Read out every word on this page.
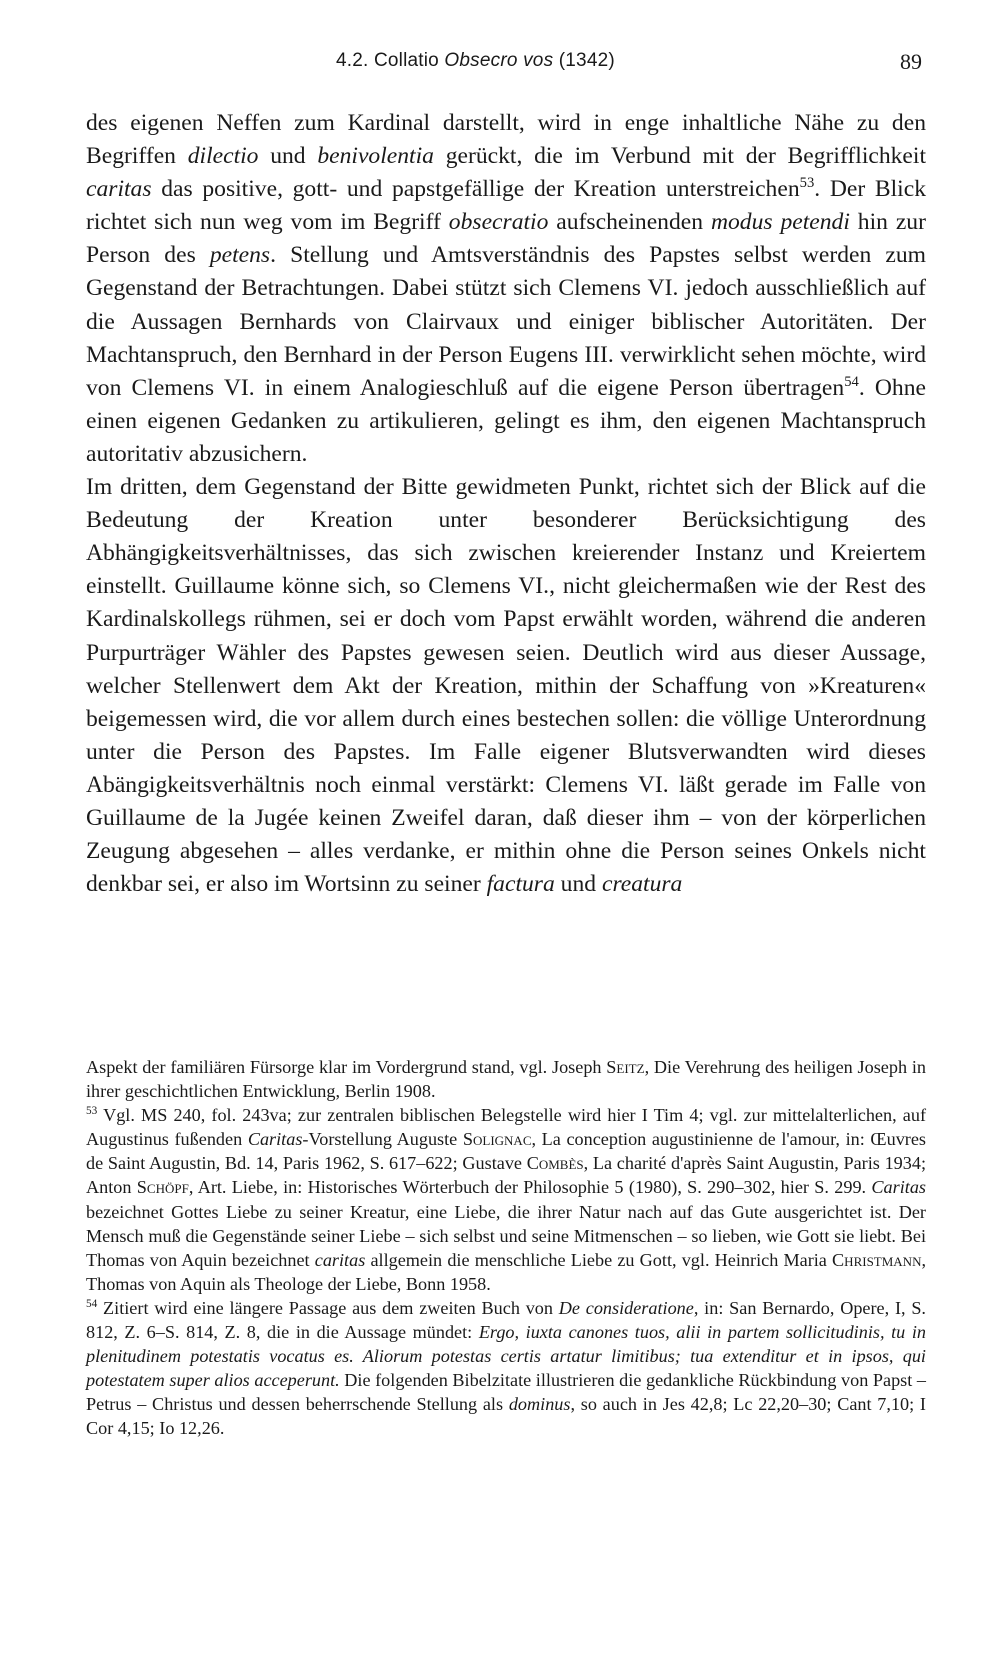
4.2. Collatio Obsecro vos (1342)	89

des eigenen Neffen zum Kardinal darstellt, wird in enge inhaltliche Nähe zu den Begriffen dilectio und benivolentia gerückt, die im Verbund mit der Begrifflichkeit caritas das positive, gott- und papstgefällige der Kreation unterstreichen$^{53}$. Der Blick richtet sich nun weg vom im Begriff obsecratio aufscheinenden modus petendi hin zur Person des petens. Stellung und Amtsverständnis des Papstes selbst werden zum Gegenstand der Betrachtungen. Dabei stützt sich Clemens VI. jedoch ausschließlich auf die Aussagen Bernhards von Clairvaux und einiger biblischer Autoritäten. Der Machtanspruch, den Bernhard in der Person Eugens III. verwirklicht sehen möchte, wird von Clemens VI. in einem Analogieschluß auf die eigene Person übertragen$^{54}$. Ohne einen eigenen Gedanken zu artikulieren, gelingt es ihm, den eigenen Machtanspruch autoritativ abzusichern.

Im dritten, dem Gegenstand der Bitte gewidmeten Punkt, richtet sich der Blick auf die Bedeutung der Kreation unter besonderer Berücksichtigung des Abhängigkeitsverhältnisses, das sich zwischen kreierender Instanz und Kreiertem einstellt. Guillaume könne sich, so Clemens VI., nicht gleichermaßen wie der Rest des Kardinalskollegs rühmen, sei er doch vom Papst erwählt worden, während die anderen Purpurträger Wähler des Papstes gewesen seien. Deutlich wird aus dieser Aussage, welcher Stellenwert dem Akt der Kreation, mithin der Schaffung von »Kreaturen« beigemessen wird, die vor allem durch eines bestechen sollen: die völlige Unterordnung unter die Person des Papstes. Im Falle eigener Blutsverwandten wird dieses Abängigkeitsverhältnis noch einmal verstärkt: Clemens VI. läßt gerade im Falle von Guillaume de la Jugée keinen Zweifel daran, daß dieser ihm – von der körperlichen Zeugung abgesehen – alles verdanke, er mithin ohne die Person seines Onkels nicht denkbar sei, er also im Wortsinn zu seiner factura und creatura

Aspekt der familiären Fürsorge klar im Vordergrund stand, vgl. Joseph Seitz, Die Verehrung des heiligen Joseph in ihrer geschichtlichen Entwicklung, Berlin 1908.

$^{53}$ Vgl. MS 240, fol. 243va; zur zentralen biblischen Belegstelle wird hier I Tim 4; vgl. zur mittelalterlichen, auf Augustinus fußenden Caritas-Vorstellung Auguste Solignac, La conception augustinienne de l'amour, in: Œuvres de Saint Augustin, Bd. 14, Paris 1962, S. 617–622; Gustave Combès, La charité d'après Saint Augustin, Paris 1934; Anton Schöpf, Art. Liebe, in: Historisches Wörterbuch der Philosophie 5 (1980), S. 290–302, hier S. 299. Caritas bezeichnet Gottes Liebe zu seiner Kreatur, eine Liebe, die ihrer Natur nach auf das Gute ausgerichtet ist. Der Mensch muß die Gegenstände seiner Liebe – sich selbst und seine Mitmenschen – so lieben, wie Gott sie liebt. Bei Thomas von Aquin bezeichnet caritas allgemein die menschliche Liebe zu Gott, vgl. Heinrich Maria Christmann, Thomas von Aquin als Theologe der Liebe, Bonn 1958.

$^{54}$ Zitiert wird eine längere Passage aus dem zweiten Buch von De consideratione, in: San Bernardo, Opere, I, S. 812, Z. 6–S. 814, Z. 8, die in die Aussage mündet: Ergo, iuxta canones tuos, alii in partem sollicitudinis, tu in plenitudinem potestatis vocatus es. Aliorum potestas certis artatur limitibus; tua extenditur et in ipsos, qui potestatem super alios acceperunt. Die folgenden Bibelzitate illustrieren die gedankliche Rückbindung von Papst – Petrus – Christus und dessen beherrschende Stellung als dominus, so auch in Jes 42,8; Lc 22,20–30; Cant 7,10; I Cor 4,15; Io 12,26.
